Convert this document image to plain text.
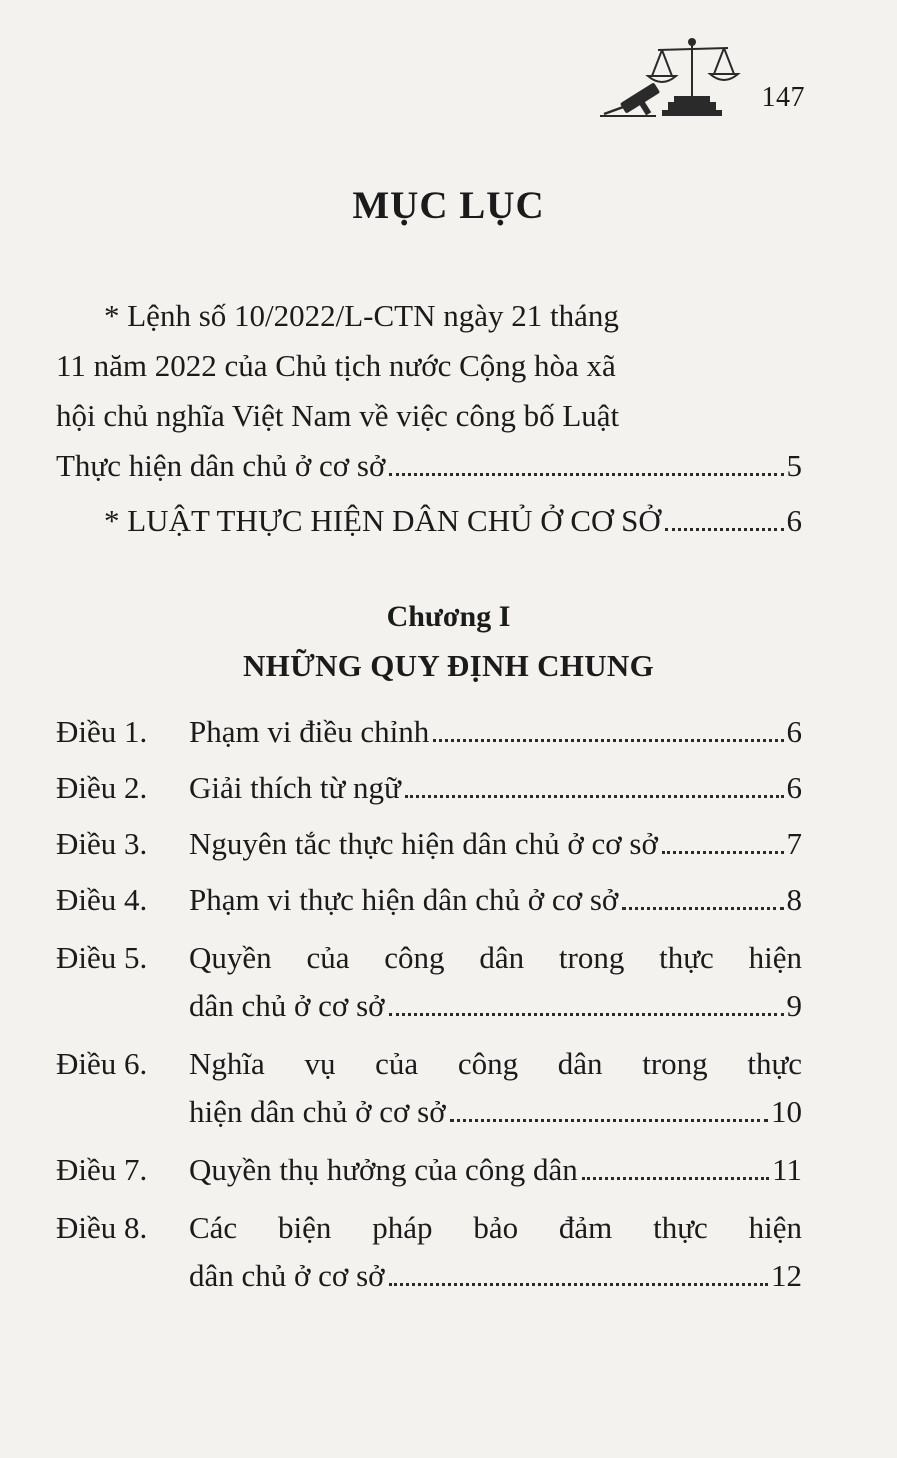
147
MỤC LỤC
* Lệnh số 10/2022/L-CTN ngày 21 tháng
11 năm 2022 của Chủ tịch nước Cộng hòa xã
hội chủ nghĩa Việt Nam về việc công bố Luật
Thực hiện dân chủ ở cơ sở	5
* LUẬT THỰC HIỆN DÂN CHỦ Ở CƠ SỞ	6
Chương I
NHỮNG QUY ĐỊNH CHUNG
Điều 1. Phạm vi điều chỉnh	6
Điều 2. Giải thích từ ngữ	6
Điều 3. Nguyên tắc thực hiện dân chủ ở cơ sở	7
Điều 4. Phạm vi thực hiện dân chủ ở cơ sở	8
Điều 5. Quyền của công dân trong thực hiện
dân chủ ở cơ sở	9
Điều 6. Nghĩa vụ của công dân trong thực
hiện dân chủ ở cơ sở	10
Điều 7. Quyền thụ hưởng của công dân	11
Điều 8. Các biện pháp bảo đảm thực hiện
dân chủ ở cơ sở	12
